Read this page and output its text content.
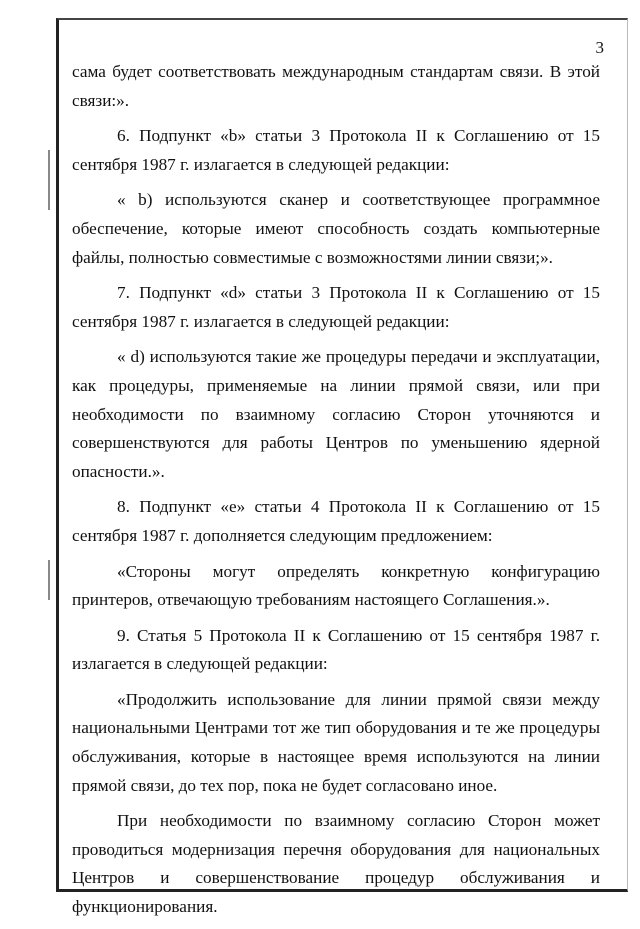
3

сама будет соответствовать международным стандартам связи. В этой связи:».

6. Подпункт «b» статьи 3 Протокола II к Соглашению от 15 сентября 1987 г. излагается в следующей редакции:

« b) используются сканер и соответствующее программное обеспечение, которые имеют способность создать компьютерные файлы, полностью совместимые с возможностями линии связи;».

7. Подпункт «d» статьи 3 Протокола II к Соглашению от 15 сентября 1987 г. излагается в следующей редакции:

« d) используются такие же процедуры передачи и эксплуатации, как процедуры, применяемые на линии прямой связи, или при необходимости по взаимному согласию Сторон уточняются и совершенствуются для работы Центров по уменьшению ядерной опасности.».

8. Подпункт «е» статьи 4 Протокола II к Соглашению от 15 сентября 1987 г. дополняется следующим предложением:

«Стороны могут определять конкретную конфигурацию принтеров, отвечающую требованиям настоящего Соглашения.».

9. Статья 5 Протокола II к Соглашению от 15 сентября 1987 г. излагается в следующей редакции:

«Продолжить использование для линии прямой связи между национальными Центрами тот же тип оборудования и те же процедуры обслуживания, которые в настоящее время используются на линии прямой связи, до тех пор, пока не будет согласовано иное.

При необходимости по взаимному согласию Сторон может проводиться модернизация перечня оборудования для национальных Центров и совершенствование процедур обслуживания и функционирования.
